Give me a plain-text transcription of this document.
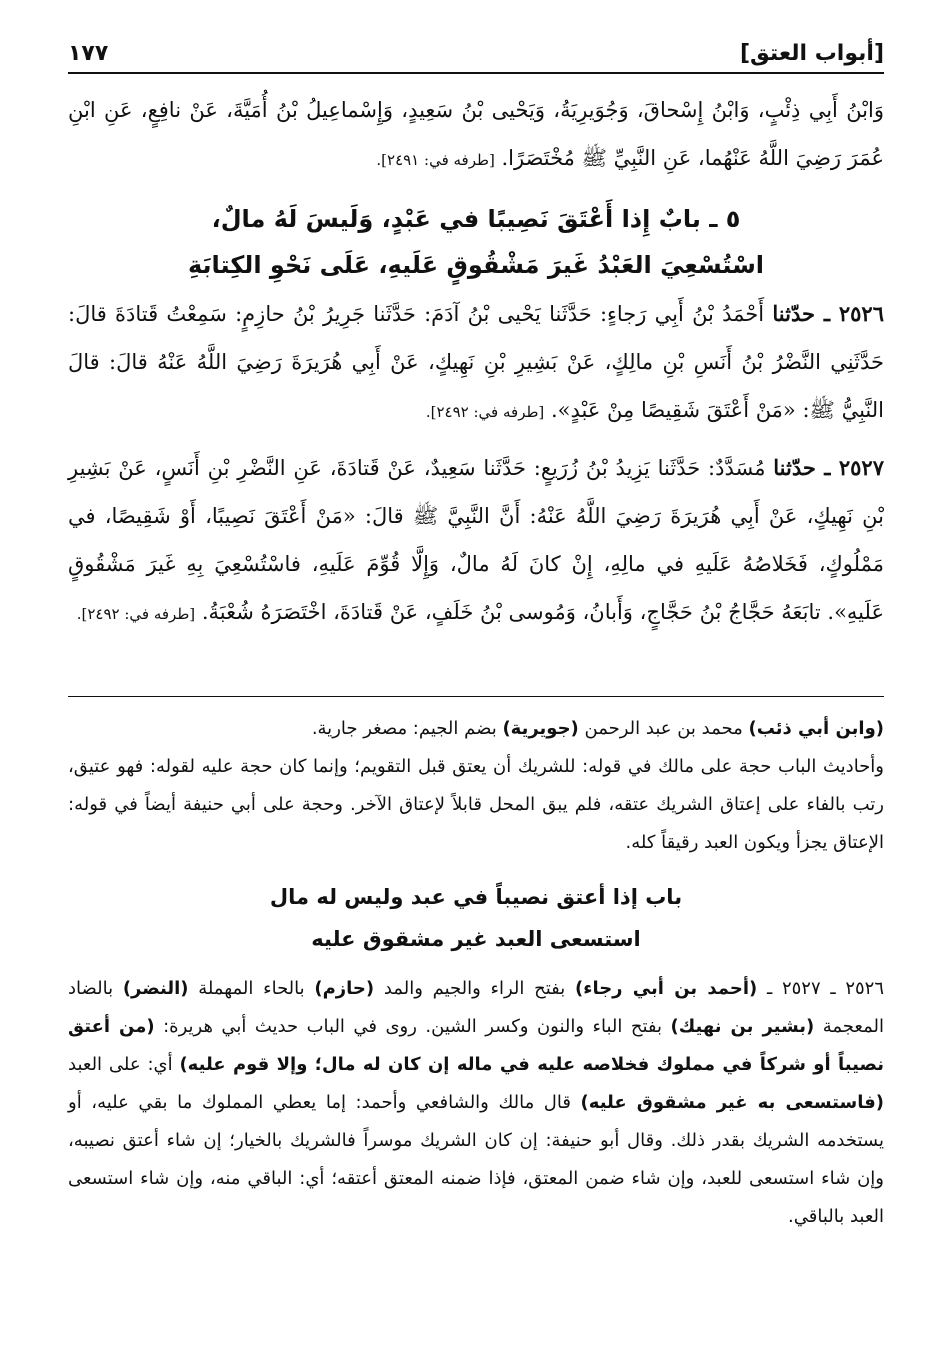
[أبواب العتق]
١٧٧

وَابْنُ أَبِي ذِئْبٍ، وَابْنُ إِسْحاقَ، وَجُوَيرِيَةُ، وَيَحْيى بْنُ سَعِيدٍ، وَإِسْماعِيلُ بْنُ أُمَيَّةَ، عَنْ نافِعٍ، عَنِ ابْنِ عُمَرَ رَضِيَ اللَّهُ عَنْهُما، عَنِ النَّبِيِّ ﷺ مُخْتَصَرًا. [طرفه في: ٢٤٩١].

٥ ـ بابٌ إِذا أَعْتَقَ نَصِيبًا في عَبْدٍ، وَلَيسَ لَهُ مالٌ،
اسْتُسْعِيَ العَبْدُ غَيرَ مَشْقُوقٍ عَلَيهِ، عَلَى نَحْوِ الكِتابَةِ

٢٥٢٦ ـ حدّثنا أَحْمَدُ بْنُ أَبِي رَجاءٍ: حَدَّثَنا يَحْيى بْنُ آدَمَ: حَدَّثَنا جَرِيرُ بْنُ حازِمٍ: سَمِعْتُ قَتادَةَ قالَ: حَدَّثَنِي النَّضْرُ بْنُ أَنَسِ بْنِ مالِكٍ، عَنْ بَشِيرِ بْنِ نَهِيكٍ، عَنْ أَبِي هُرَيرَةَ رَضِيَ اللَّهُ عَنْهُ قالَ: قالَ النَّبِيُّ ﷺ: «مَنْ أَعْتَقَ شَقِيصًا مِنْ عَبْدٍ». [طرفه في: ٢٤٩٢].

٢٥٢٧ ـ حدّثنا مُسَدَّدٌ: حَدَّثَنا يَزِيدُ بْنُ زُرَيعٍ: حَدَّثَنا سَعِيدٌ، عَنْ قَتادَةَ، عَنِ النَّضْرِ بْنِ أَنَسٍ، عَنْ بَشِيرِ بْنِ نَهِيكٍ، عَنْ أَبِي هُرَيرَةَ رَضِيَ اللَّهُ عَنْهُ: أَنَّ النَّبِيَّ ﷺ قالَ: «مَنْ أَعْتَقَ نَصِيبًا، أَوْ شَقِيصًا، في مَمْلُوكٍ، فَخَلاصُهُ عَلَيهِ في مالِهِ، إِنْ كانَ لَهُ مالٌ، وَإِلَّا قُوِّمَ عَلَيهِ، فاسْتُسْعِيَ بِهِ غَيرَ مَشْقُوقٍ عَلَيهِ». تابَعَهُ حَجَّاجُ بْنُ حَجَّاجٍ، وَأَبانُ، وَمُوسى بْنُ خَلَفٍ، عَنْ قَتادَةَ، اخْتَصَرَهُ شُعْبَةُ. [طرفه في: ٢٤٩٢].

(وابن أبي ذئب) محمد بن عبد الرحمن (جويرية) بضم الجيم: مصغر جارية.

وأحاديث الباب حجة على مالك في قوله: للشريك أن يعتق قبل التقويم؛ وإنما كان حجة عليه لقوله: فهو عتيق، رتب بالفاء على إعتاق الشريك عتقه، فلم يبق المحل قابلاً لإعتاق الآخر. وحجة على أبي حنيفة أيضاً في قوله: الإعتاق يجزأ ويكون العبد رقيقاً كله.

باب إذا أعتق نصيباً في عبد وليس له مال
استسعى العبد غير مشقوق عليه

٢٥٢٦ ـ ٢٥٢٧ ـ (أحمد بن أبي رجاء) بفتح الراء والجيم والمد (حازم) بالحاء المهملة (النضر) بالضاد المعجمة (بشير بن نهيك) بفتح الباء والنون وكسر الشين. روى في الباب حديث أبي هريرة: (من أعتق نصيباً أو شركاً في مملوك فخلاصه عليه في ماله إن كان له مال؛ وإلا قوم عليه) أي: على العبد (فاستسعى به غير مشقوق عليه) قال مالك والشافعي وأحمد: إما يعطي المملوك ما بقي عليه، أو يستخدمه الشريك بقدر ذلك. وقال أبو حنيفة: إن كان الشريك موسراً فالشريك بالخيار؛ إن شاء أعتق نصيبه، وإن شاء استسعى للعبد، وإن شاء ضمن المعتق، فإذا ضمنه المعتق أعتقه؛ أي: الباقي منه، وإن شاء استسعى العبد بالباقي.
